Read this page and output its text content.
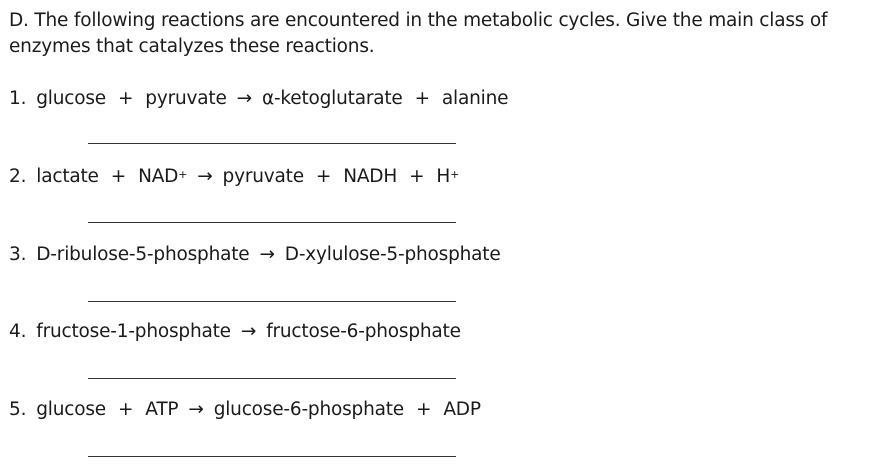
D. The following reactions are encountered in the metabolic cycles. Give the main class of enzymes that catalyzes these reactions.
1. glucose + pyruvate → α-ketoglutarate + alanine
2. lactate + NAD+ → pyruvate + NADH + H+
3. D-ribulose-5-phosphate → D-xylulose-5-phosphate
4. fructose-1-phosphate → fructose-6-phosphate
5. glucose + ATP → glucose-6-phosphate + ADP
